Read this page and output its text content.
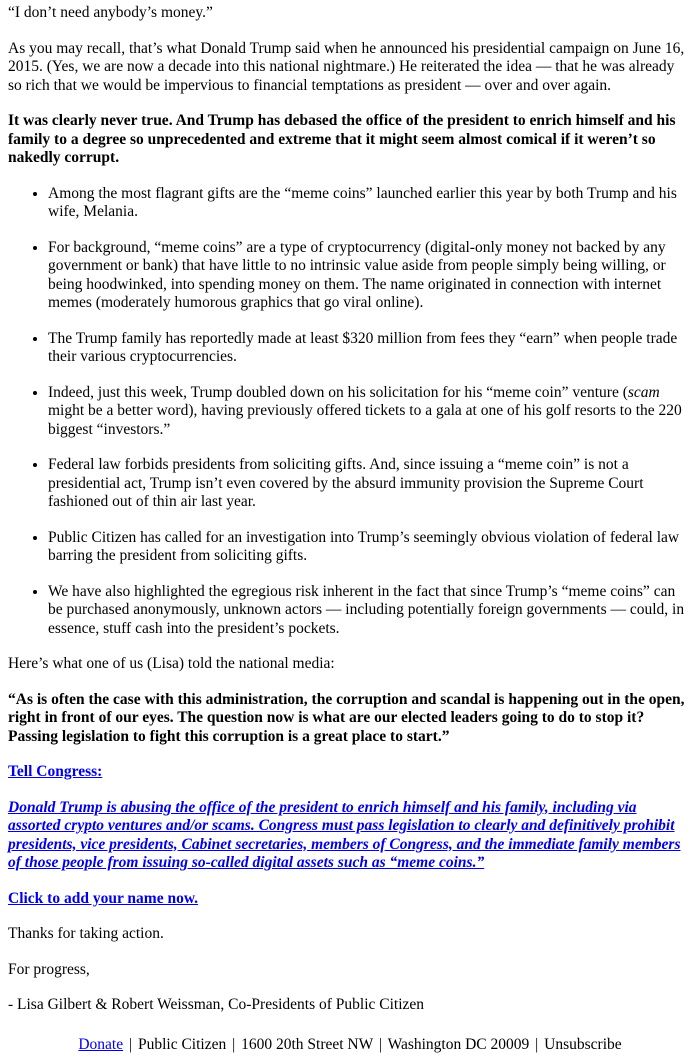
“I don’t need anybody’s money.”

As you may recall, that’s what Donald Trump said when he announced his presidential campaign on June 16, 2015. (Yes, we are now a decade into this national nightmare.) He reiterated the idea — that he was already so rich that we would be impervious to financial temptations as president — over and over again.

It was clearly never true. And Trump has debased the office of the president to enrich himself and his family to a degree so unprecedented and extreme that it might seem almost comical if it weren’t so nakedly corrupt.

• Among the most flagrant gifts are the “meme coins” launched earlier this year by both Trump and his wife, Melania.
• For background, “meme coins” are a type of cryptocurrency (digital-only money not backed by any government or bank) that have little to no intrinsic value aside from people simply being willing, or being hoodwinked, into spending money on them. The name originated in connection with internet memes (moderately humorous graphics that go viral online).
• The Trump family has reportedly made at least $320 million from fees they “earn” when people trade their various cryptocurrencies.
• Indeed, just this week, Trump doubled down on his solicitation for his “meme coin” venture (scam might be a better word), having previously offered tickets to a gala at one of his golf resorts to the 220 biggest “investors.”
• Federal law forbids presidents from soliciting gifts. And, since issuing a “meme coin” is not a presidential act, Trump isn’t even covered by the absurd immunity provision the Supreme Court fashioned out of thin air last year.
• Public Citizen has called for an investigation into Trump’s seemingly obvious violation of federal law barring the president from soliciting gifts.
• We have also highlighted the egregious risk inherent in the fact that since Trump’s “meme coins” can be purchased anonymously, unknown actors — including potentially foreign governments — could, in essence, stuff cash into the president’s pockets.

Here’s what one of us (Lisa) told the national media:

“As is often the case with this administration, the corruption and scandal is happening out in the open, right in front of our eyes. The question now is what are our elected leaders going to do to stop it? Passing legislation to fight this corruption is a great place to start.”

Tell Congress:

Donald Trump is abusing the office of the president to enrich himself and his family, including via assorted crypto ventures and/or scams. Congress must pass legislation to clearly and definitively prohibit presidents, vice presidents, Cabinet secretaries, members of Congress, and the immediate family members of those people from issuing so-called digital assets such as “meme coins.”

Click to add your name now.

Thanks for taking action.

For progress,

- Lisa Gilbert & Robert Weissman, Co-Presidents of Public Citizen

Donate | Public Citizen | 1600 20th Street NW | Washington DC 20009 | Unsubscribe
